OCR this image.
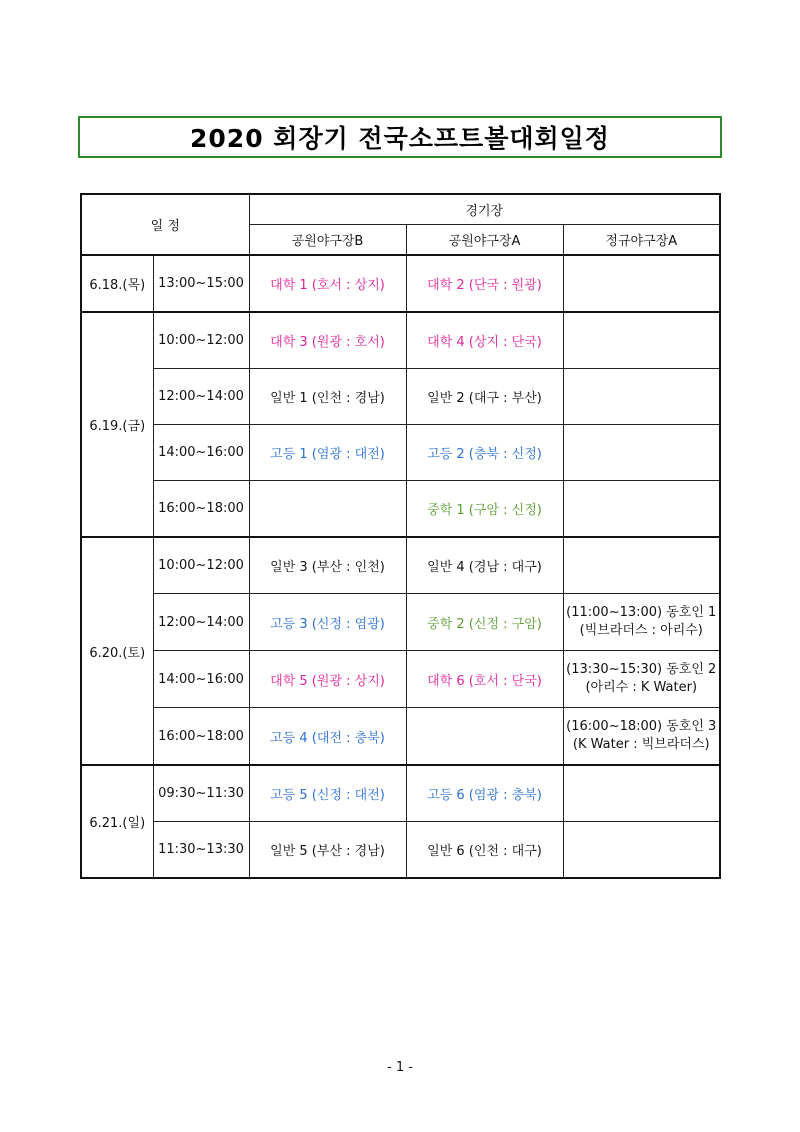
2020 회장기 전국소프트볼대회일정
일 정		경기장		
		공원야구장B	공원야구장A	정규야구장A
6.18.(목)	13:00~15:00	대학 1 (호서 : 상지)	대학 2 (단국 : 원광)	
6.19.(금)	10:00~12:00	대학 3 (원광 : 호서)	대학 4 (상지 : 단국)	
	12:00~14:00	일반 1 (인천 : 경남)	일반 2 (대구 : 부산)	
	14:00~16:00	고등 1 (염광 : 대전)	고등 2 (충북 : 신정)	
	16:00~18:00		중학 1 (구암 : 신정)	
6.20.(토)	10:00~12:00	일반 3 (부산 : 인천)	일반 4 (경남 : 대구)	
	12:00~14:00	고등 3 (신정 : 염광)	중학 2 (신정 : 구암)	(11:00~13:00) 동호인 1
(빅브라더스 : 아리수)

	14:00~16:00	대학 5 (원광 : 상지)	대학 6 (호서 : 단국)	(13:30~15:30) 동호인 2
(아리수 : K Water)

	16:00~18:00	고등 4 (대전 : 충북)		(16:00~18:00) 동호인 3
(K Water : 빅브라더스)

6.21.(일)	09:30~11:30	고등 5 (신정 : 대전)	고등 6 (염광 : 충북)	
	11:30~13:30	일반 5 (부산 : 경남)	일반 6 (인천 : 대구)	
- 1 -
